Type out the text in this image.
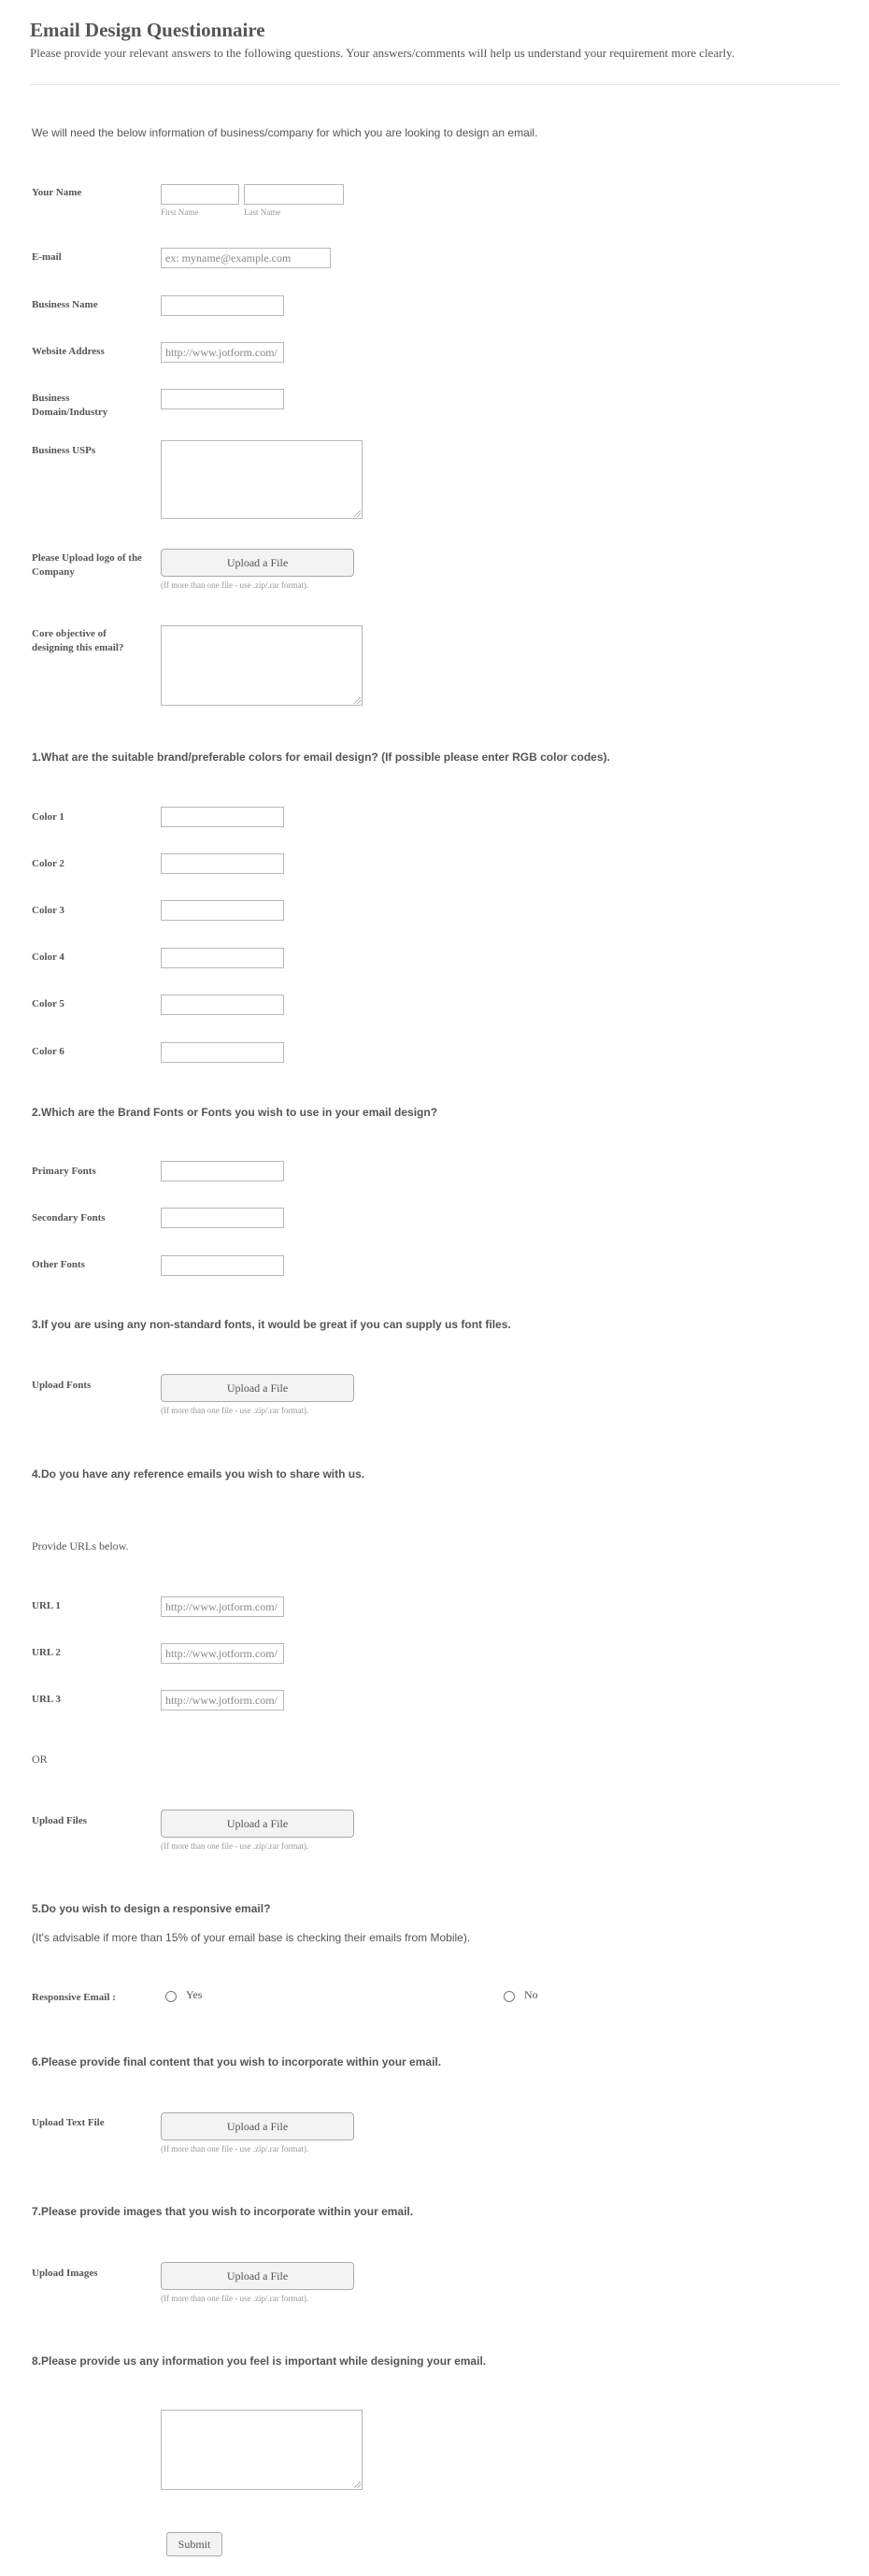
Email Design Questionnaire
Please provide your relevant answers to the following questions. Your answers/comments will help us understand your requirement more clearly.
We will need the below information of business/company for which you are looking to design an email.
Your Name
First Name	Last Name
E-mail	ex: myname@example.com
Business Name
Website Address	http://www.jotform.com/
Business
Domain/Industry
Business USPs
Please Upload logo of the
Company
Upload a File
(If more than one file - use .zip/.rar format).
Core objective of
designing this email?
1.What are the suitable brand/preferable colors for email design? (If possible please enter RGB color codes).
Color 1
Color 2
Color 3
Color 4
Color 5
Color 6
2.Which are the Brand Fonts or Fonts you wish to use in your email design?
Primary Fonts
Secondary Fonts
Other Fonts
3.If you are using any non-standard fonts, it would be great if you can supply us font files.
Upload Fonts	Upload a File
(If more than one file - use .zip/.rar format).
4.Do you have any reference emails you wish to share with us.
Provide URLs below.
URL 1	http://www.jotform.com/
URL 2	http://www.jotform.com/
URL 3	http://www.jotform.com/
OR
Upload Files	Upload a File
(If more than one file - use .zip/.rar format).
5.Do you wish to design a responsive email?
(It's advisable if more than 15% of your email base is checking their emails from Mobile).
Responsive Email :	Yes	No
6.Please provide final content that you wish to incorporate within your email.
Upload Text File	Upload a File
(If more than one file - use .zip/.rar format).
7.Please provide images that you wish to incorporate within your email.
Upload Images	Upload a File
(If more than one file - use .zip/.rar format).
8.Please provide us any information you feel is important while designing your email.
Submit
